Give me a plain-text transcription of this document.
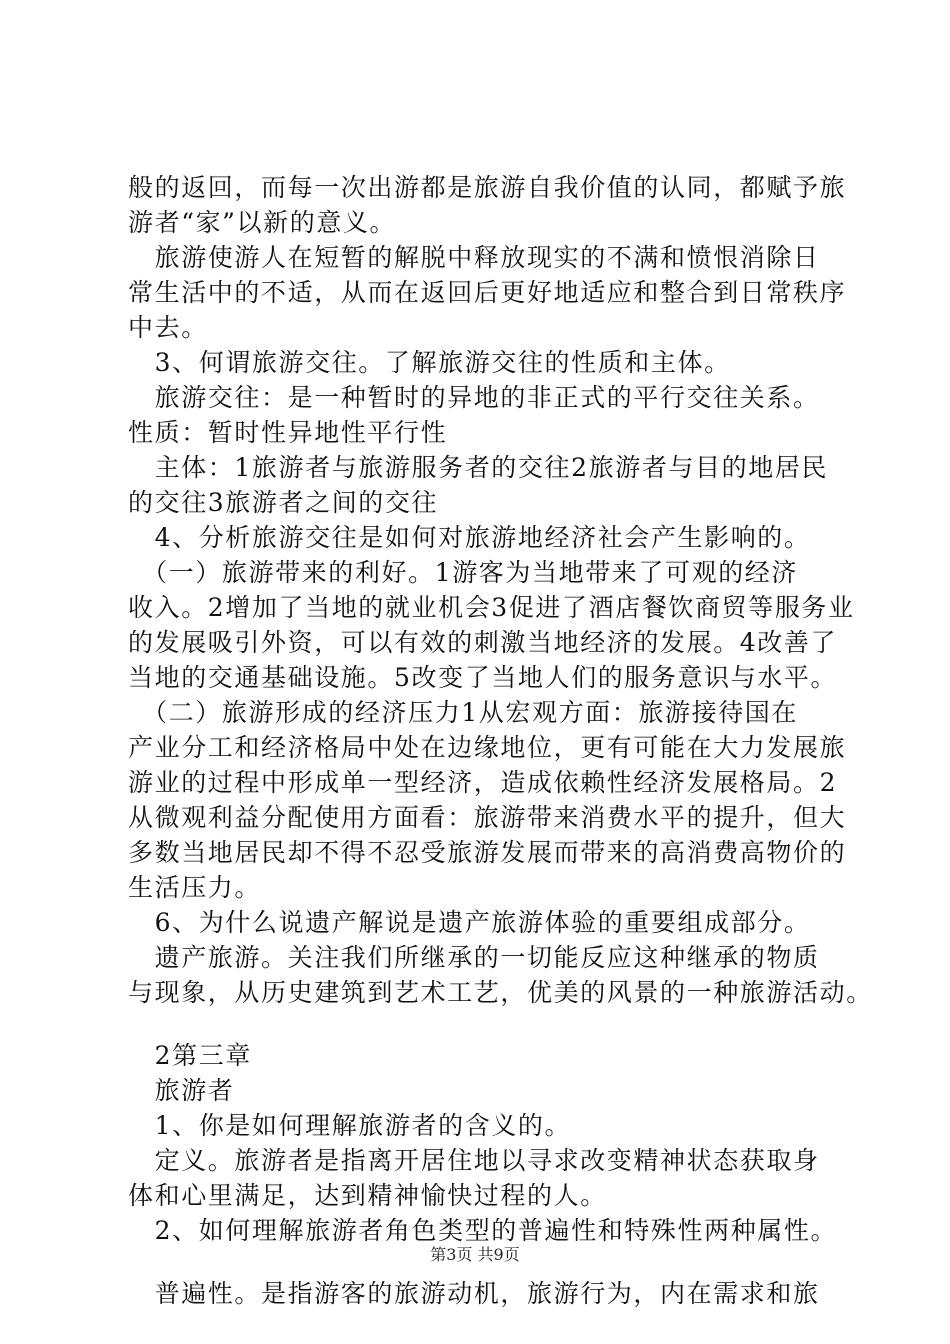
般的返回，而每一次出游都是旅游自我价值的认同，都赋予旅
游者“家”以新的意义。
　旅游使游人在短暂的解脱中释放现实的不满和愤恨消除日
常生活中的不适，从而在返回后更好地适应和整合到日常秩序
中去。
　3、何谓旅游交往。了解旅游交往的性质和主体。
　旅游交往：是一种暂时的异地的非正式的平行交往关系。
性质：暂时性异地性平行性
　主体：1旅游者与旅游服务者的交往2旅游者与目的地居民
的交往3旅游者之间的交往
　4、分析旅游交往是如何对旅游地经济社会产生影响的。
　（一）旅游带来的利好。1游客为当地带来了可观的经济
收入。2增加了当地的就业机会3促进了酒店餐饮商贸等服务业
的发展吸引外资，可以有效的刺激当地经济的发展。4改善了
当地的交通基础设施。5改变了当地人们的服务意识与水平。
　（二）旅游形成的经济压力1从宏观方面：旅游接待国在
产业分工和经济格局中处在边缘地位，更有可能在大力发展旅
游业的过程中形成单一型经济，造成依赖性经济发展格局。2
从微观利益分配使用方面看：旅游带来消费水平的提升，但大
多数当地居民却不得不忍受旅游发展而带来的高消费高物价的
生活压力。
　6、为什么说遗产解说是遗产旅游体验的重要组成部分。
　遗产旅游。关注我们所继承的一切能反应这种继承的物质
与现象，从历史建筑到艺术工艺，优美的风景的一种旅游活动。
　2第三章
　旅游者
　1、你是如何理解旅游者的含义的。
　定义。旅游者是指离开居住地以寻求改变精神状态获取身
体和心里满足，达到精神愉快过程的人。
　2、如何理解旅游者角色类型的普遍性和特殊性两种属性。
　普遍性。是指游客的旅游动机，旅游行为，内在需求和旅
第3页 共9页
